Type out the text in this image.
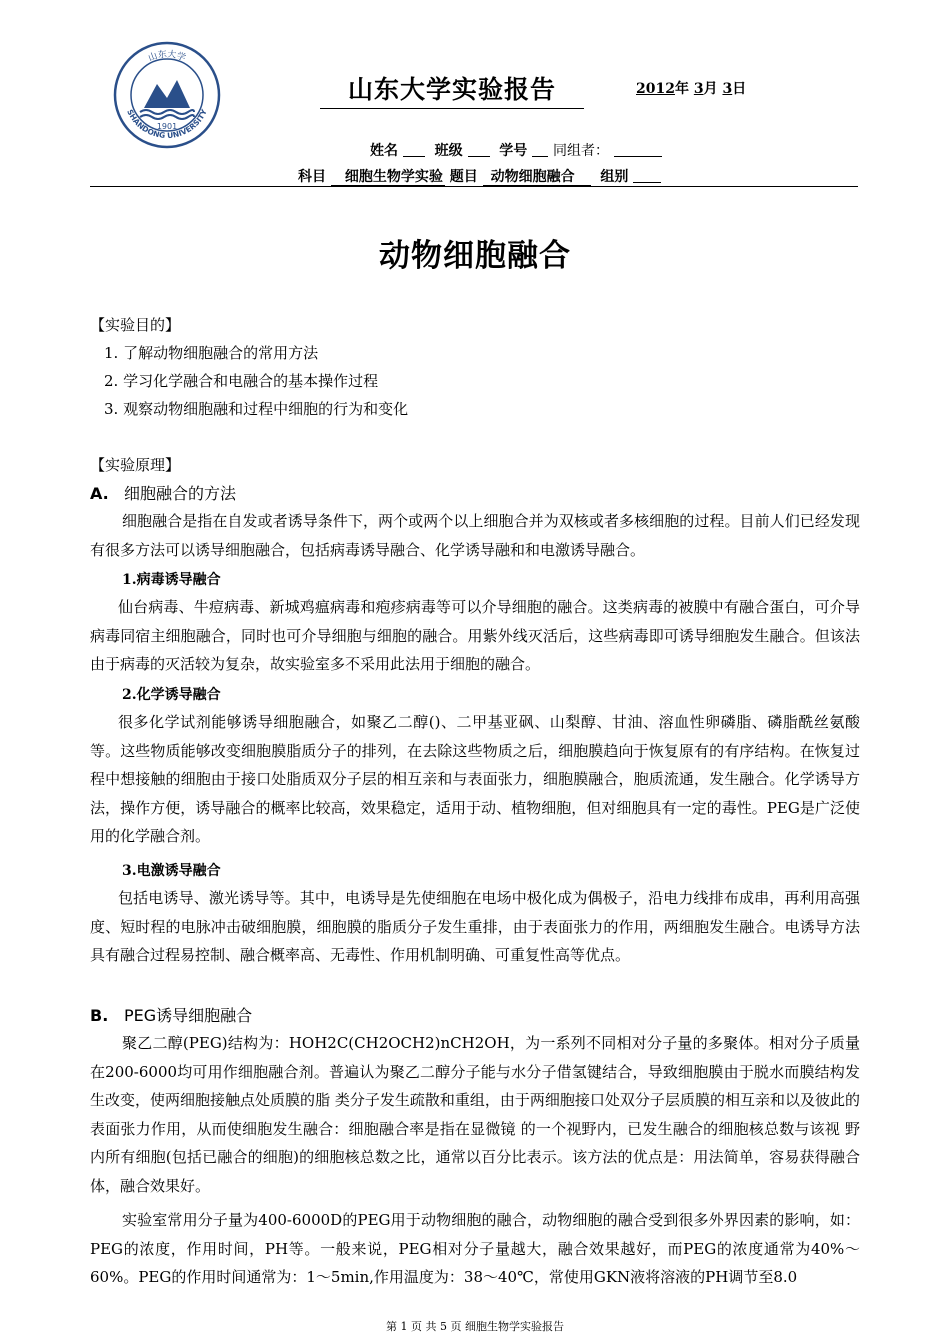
山东大学
SHANDONG UNIVERSITY
1901
山东大学实验报告	2012年 3月 3日
姓名	班级	学号 同组者：
科目 细胞生物学实验 题目 动物细胞融合 组别
动物细胞融合
【实验目的】
1. 了解动物细胞融合的常用方法
2. 学习化学融合和电融合的基本操作过程
3. 观察动物细胞融和过程中细胞的行为和变化
【实验原理】
A. 细胞融合的方法
细胞融合是指在自发或者诱导条件下，两个或两个以上细胞合并为双核或者多核细胞的过程。目前人们已经发现有很多方法可以诱导细胞融合，包括病毒诱导融合、化学诱导融和和电激诱导融合。
1.病毒诱导融合
仙台病毒、牛痘病毒、新城鸡瘟病毒和疱疹病毒等可以介导细胞的融合。这类病毒的被膜中有融合蛋白，可介导病毒同宿主细胞融合，同时也可介导细胞与细胞的融合。用紫外线灭活后，这些病毒即可诱导细胞发生融合。但该法由于病毒的灭活较为复杂，故实验室多不采用此法用于细胞的融合。
2.化学诱导融合
很多化学试剂能够诱导细胞融合，如聚乙二醇()、二甲基亚砜、山梨醇、甘油、溶血性卵磷脂、磷脂酰丝氨酸等。这些物质能够改变细胞膜脂质分子的排列，在去除这些物质之后，细胞膜趋向于恢复原有的有序结构。在恢复过程中想接触的细胞由于接口处脂质双分子层的相互亲和与表面张力，细胞膜融合，胞质流通，发生融合。化学诱导方法，操作方便，诱导融合的概率比较高，效果稳定，适用于动、植物细胞，但对细胞具有一定的毒性。PEG是广泛使用的化学融合剂。
3.电激诱导融合
包括电诱导、激光诱导等。其中，电诱导是先使细胞在电场中极化成为偶极子，沿电力线排布成串，再利用高强度、短时程的电脉冲击破细胞膜，细胞膜的脂质分子发生重排，由于表面张力的作用，两细胞发生融合。电诱导方法具有融合过程易控制、融合概率高、无毒性、作用机制明确、可重复性高等优点。
B. PEG诱导细胞融合
聚乙二醇(PEG)结构为：HOH2C(CH2OCH2)nCH2OH，为一系列不同相对分子量的多聚体。相对分子质量在200-6000均可用作细胞融合剂。普遍认为聚乙二醇分子能与水分子借氢键结合，导致细胞膜由于脱水而膜结构发生改变，使两细胞接触点处质膜的脂 类分子发生疏散和重组，由于两细胞接口处双分子层质膜的相互亲和以及彼此的表面张力作用，从而使细胞发生融合：细胞融合率是指在显微镜 的一个视野内，已发生融合的细胞核总数与该视 野内所有细胞(包括已融合的细胞)的细胞核总数之比，通常以百分比表示。该方法的优点是：用法简单，容易获得融合体，融合效果好。
实验室常用分子量为400-6000D的PEG用于动物细胞的融合，动物细胞的融合受到很多外界因素的影响，如：PEG的浓度，作用时间，PH等。一般来说，PEG相对分子量越大，融合效果越好，而PEG的浓度通常为40%～60%。PEG的作用时间通常为：1～5min,作用温度为：38～40℃，常使用GKN液将溶液的PH调节至8.0
第 1 页 共 5 页 细胞生物学实验报告
